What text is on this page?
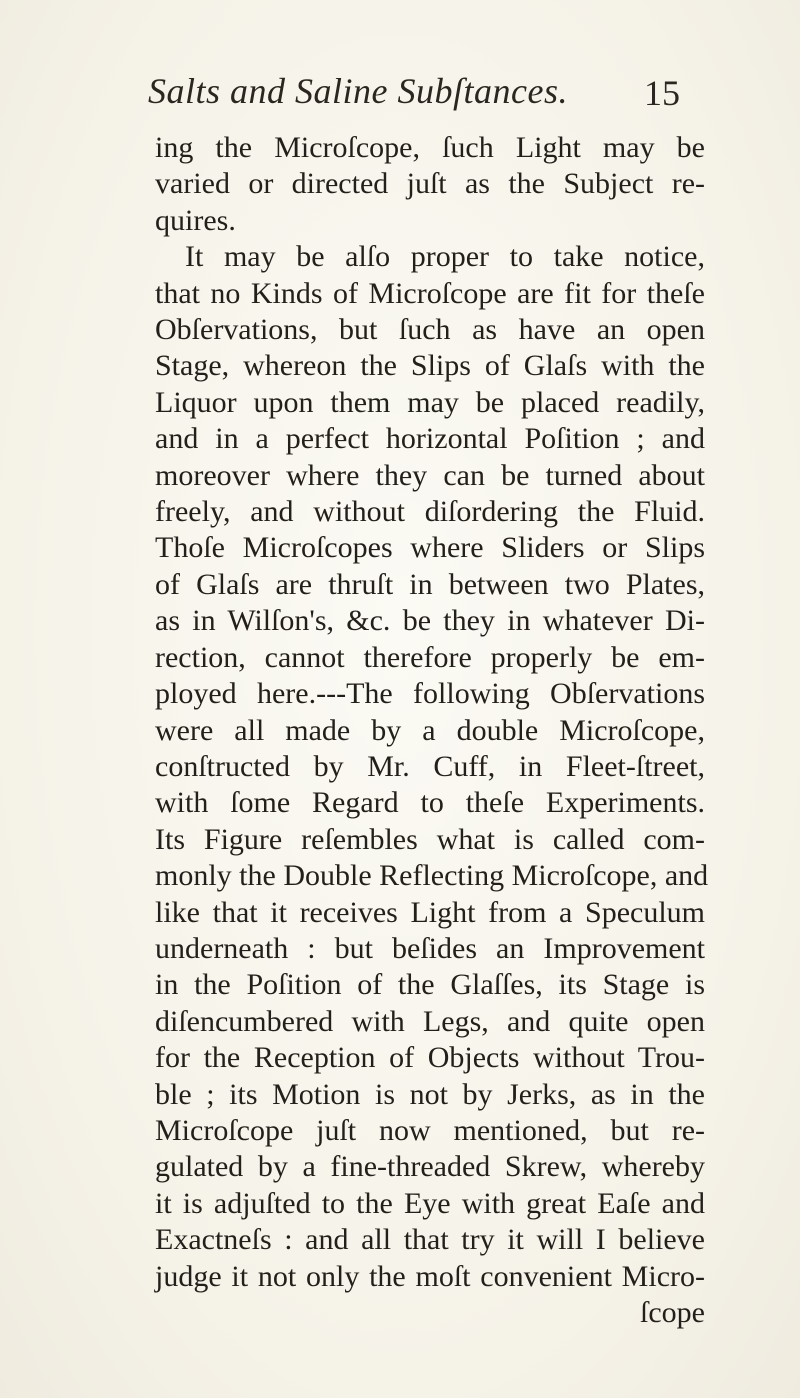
Salts and Saline Subſtances. 15
ing the Microſcope, ſuch Light may be
varied or directed juſt as the Subject re-
quires.
It may be alſo proper to take notice,
that no Kinds of Microſcope are fit for theſe
Obſervations, but ſuch as have an open
Stage, whereon the Slips of Glaſs with the
Liquor upon them may be placed readily,
and in a perfect horizontal Poſition ; and
moreover where they can be turned about
freely, and without diſordering the Fluid.
Thoſe Microſcopes where Sliders or Slips
of Glaſs are thruſt in between two Plates,
as in Wilſon's, &c. be they in whatever Di-
rection, cannot therefore properly be em-
ployed here.---The following Obſervations
were all made by a double Microſcope,
conſtructed by Mr. Cuff, in Fleet-ſtreet,
with ſome Regard to theſe Experiments.
Its Figure reſembles what is called com-
monly the Double Reflecting Microſcope, and
like that it receives Light from a Speculum
underneath : but beſides an Improvement
in the Poſition of the Glaſſes, its Stage is
diſencumbered with Legs, and quite open
for the Reception of Objects without Trou-
ble ; its Motion is not by Jerks, as in the
Microſcope juſt now mentioned, but re-
gulated by a fine-threaded Skrew, whereby
it is adjuſted to the Eye with great Eaſe and
Exactneſs : and all that try it will I believe
judge it not only the moſt convenient Micro-
ſcope
